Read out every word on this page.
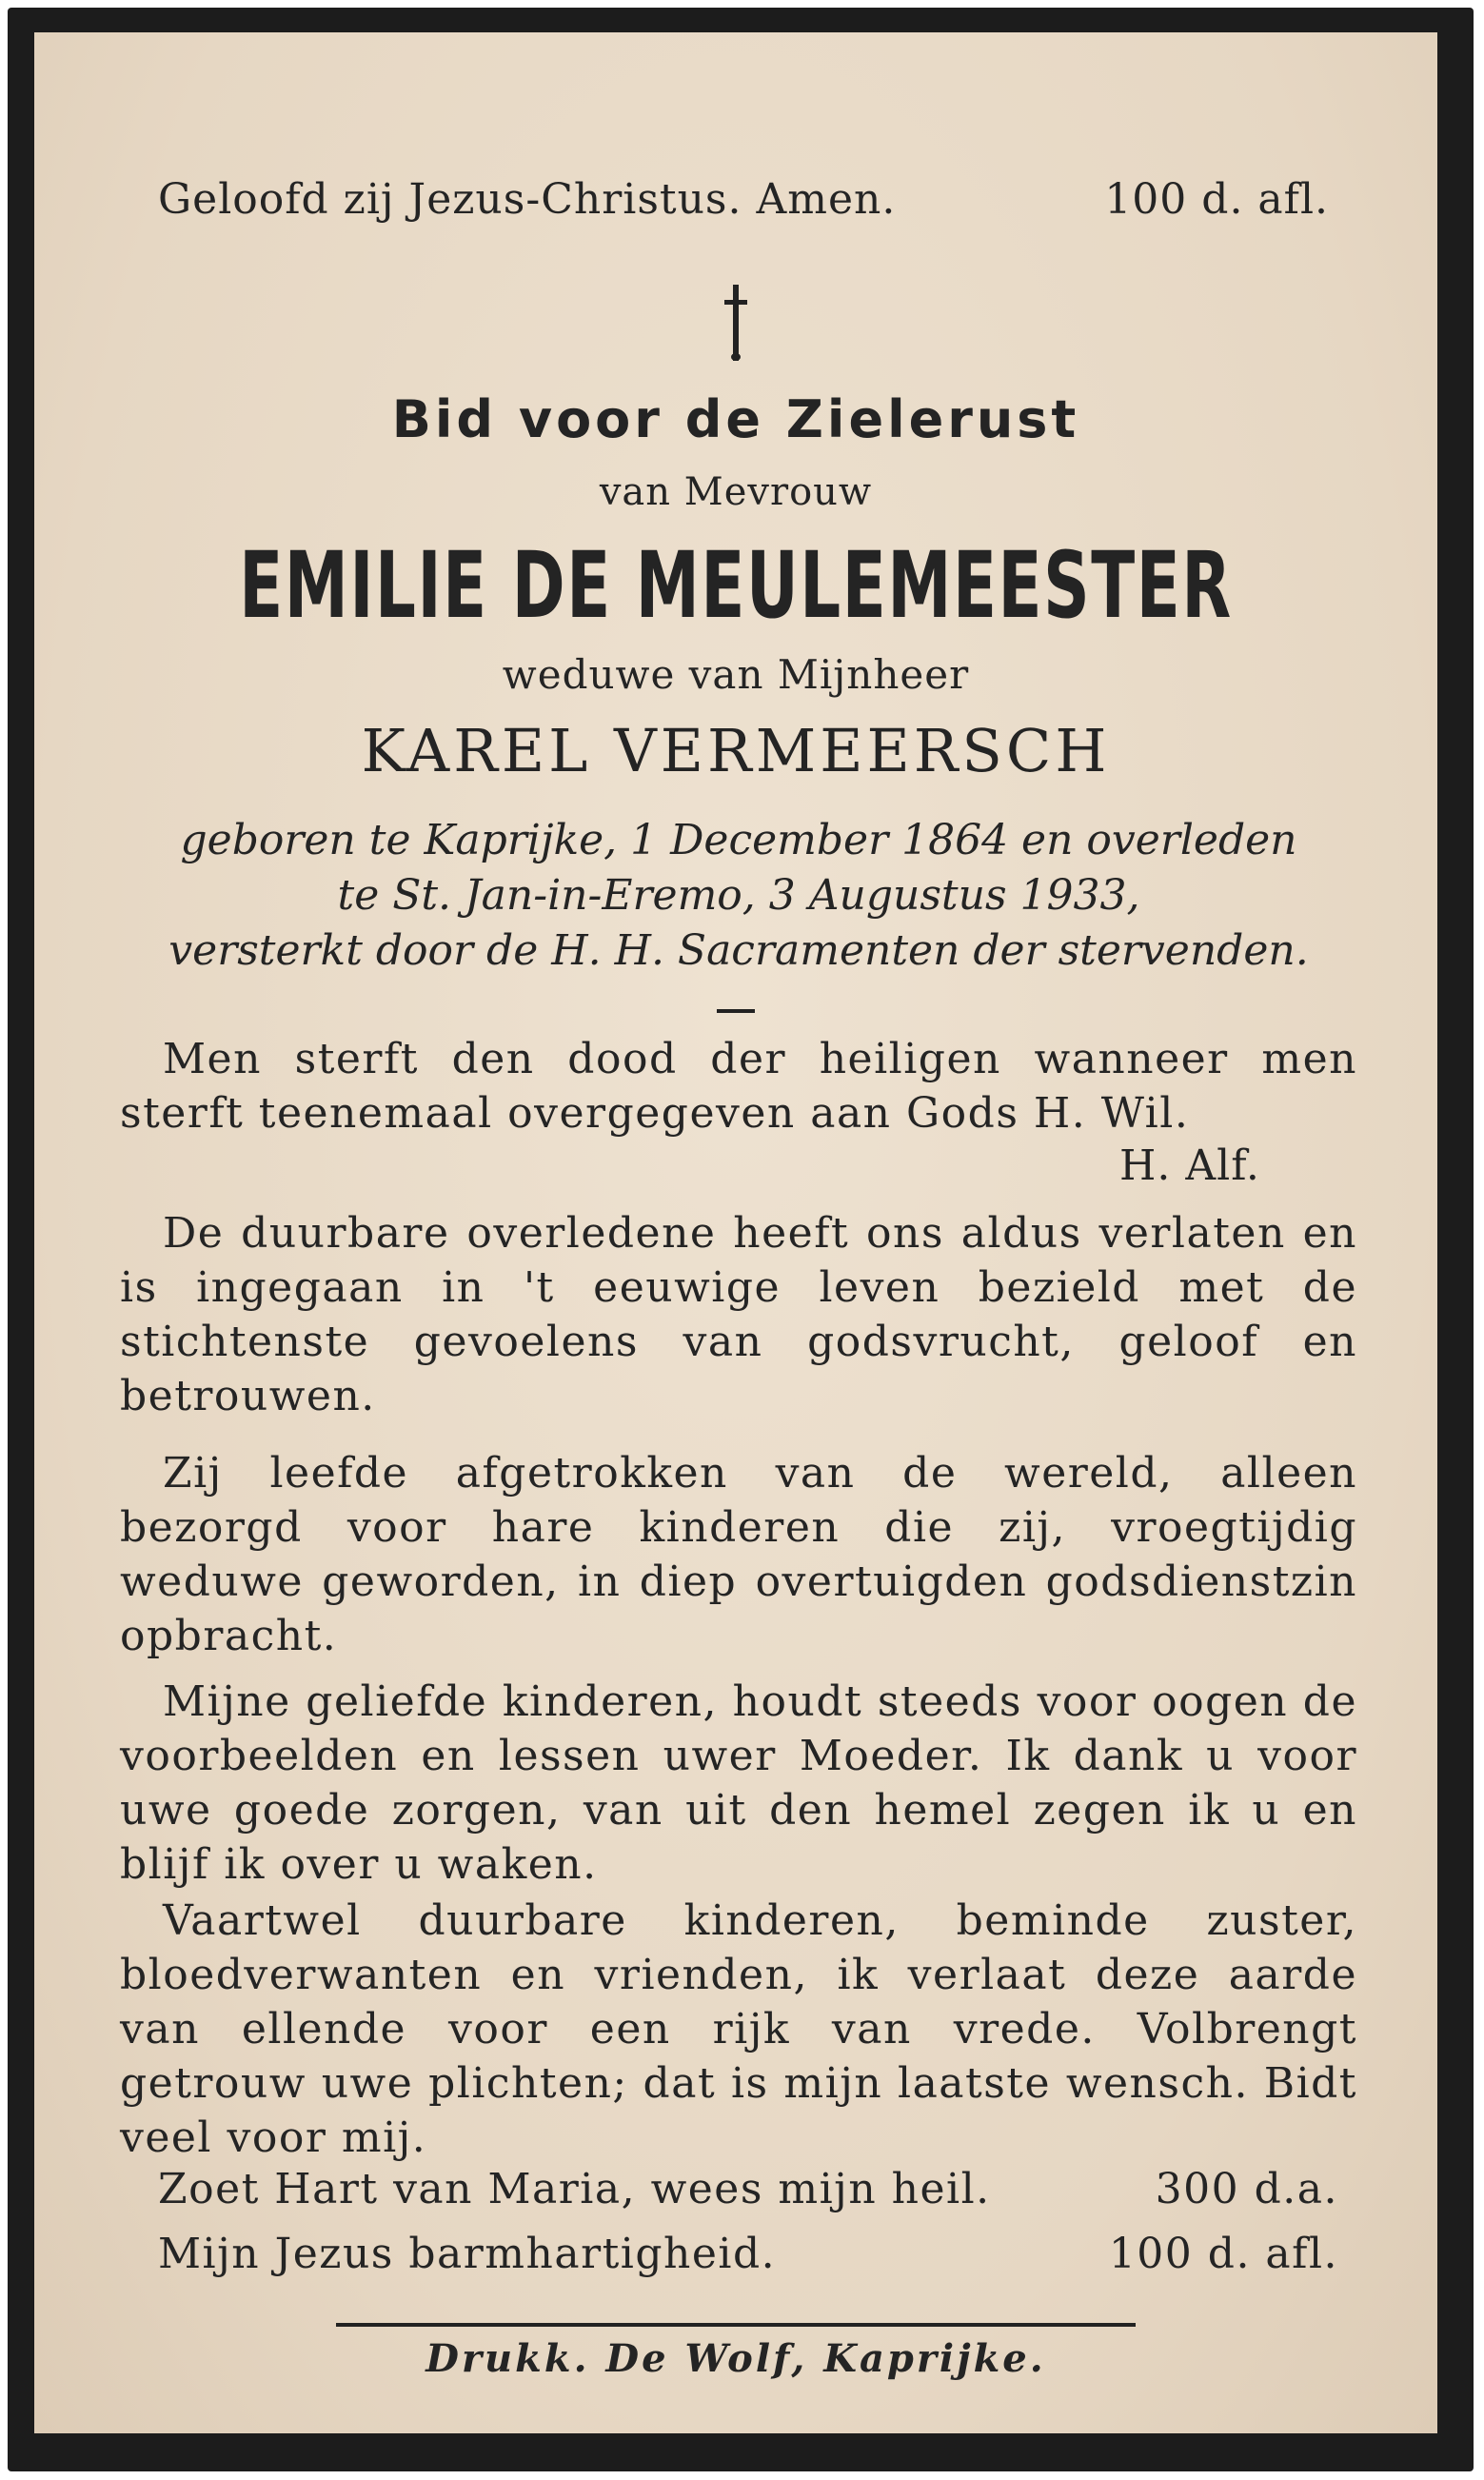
Geloofd zij Jezus-Christus. Amen.	100 d. afl.
Bid voor de Zielerust
van Mevrouw
EMILIE DE MEULEMEESTER
weduwe van Mijnheer
KAREL VERMEERSCH
geboren te Kaprijke, 1 December 1864 en overleden
te St. Jan-in-Eremo, 3 Augustus 1933,
versterkt door de H. H. Sacramenten der stervenden.

Men sterft den dood der heiligen wanneer men sterft teenemaal overgegeven aan Gods H. Wil.

H. Alf.

De duurbare overledene heeft ons aldus verlaten en is ingegaan in 't eeuwige leven bezield met de stichtenste gevoelens van godsvrucht, geloof en betrouwen.

Zij leefde afgetrokken van de wereld, alleen bezorgd voor hare kinderen die zij, vroegtijdig weduwe geworden, in diep overtuigden godsdienstzin opbracht.

Mijne geliefde kinderen, houdt steeds voor oogen de voorbeelden en lessen uwer Moeder. Ik dank u voor uwe goede zorgen, van uit den hemel zegen ik u en blijf ik over u waken.

Vaartwel duurbare kinderen, beminde zuster, bloedverwanten en vrienden, ik verlaat deze aarde van ellende voor een rijk van vrede. Volbrengt getrouw uwe plichten; dat is mijn laatste wensch. Bidt veel voor mij.

Zoet Hart van Maria, wees mijn heil.	300 d.a.
Mijn Jezus barmhartigheid.	100 d. afl.
Drukk. De Wolf, Kaprijke.
